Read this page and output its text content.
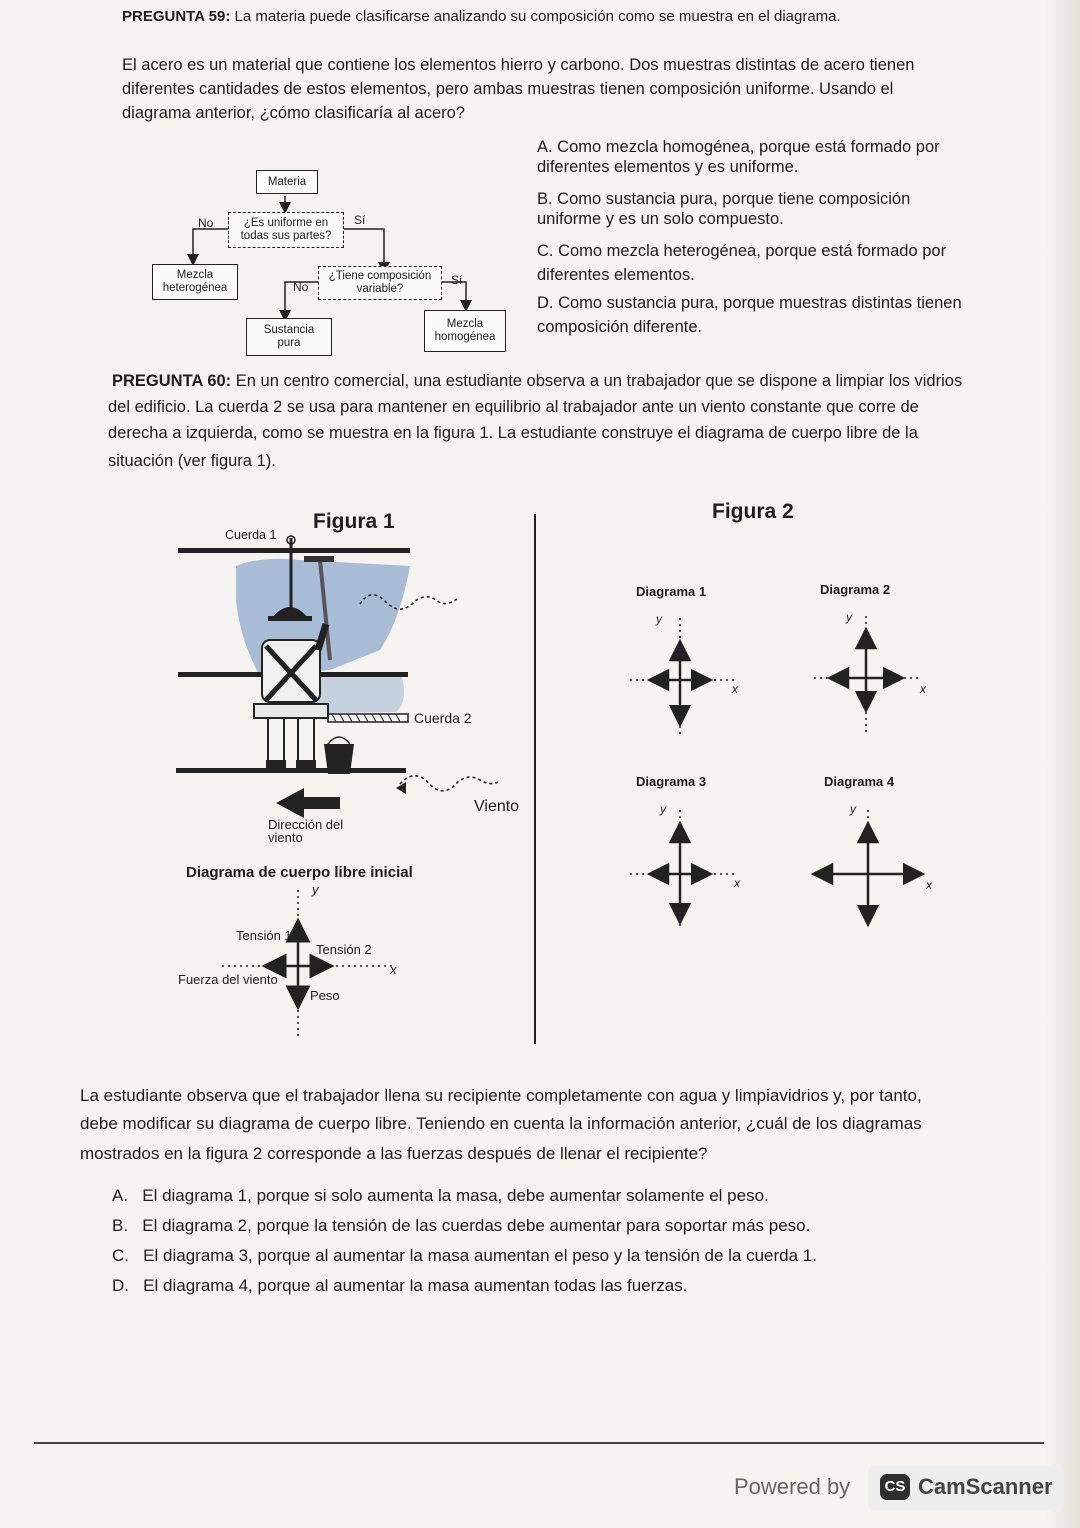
PREGUNTA 59: La materia puede clasificarse analizando su composición como se muestra en el diagrama.
El acero es un material que contiene los elementos hierro y carbono. Dos muestras distintas de acero tienen
diferentes cantidades de estos elementos, pero ambas muestras tienen composición uniforme. Usando el
diagrama anterior, ¿cómo clasificaría al acero?
A. Como mezcla homogénea, porque está formado por
diferentes elementos y es uniforme.
B. Como sustancia pura, porque tiene composición
uniforme y es un solo compuesto.
C. Como mezcla heterogénea, porque está formado por
diferentes elementos.
D. Como sustancia pura, porque muestras distintas tienen
composición diferente.
Materia
¿Es uniforme en
todas sus partes?
No	Sí
Mezcla
heterogénea
¿Tiene composición
variable?
No	Sí
Sustancia
pura
Mezcla
homogénea
PREGUNTA 60: En un centro comercial, una estudiante observa a un trabajador que se dispone a limpiar los vidrios
del edificio. La cuerda 2 se usa para mantener en equilibrio al trabajador ante un viento constante que corre de
derecha a izquierda, como se muestra en la figura 1. La estudiante construye el diagrama de cuerpo libre de la
situación (ver figura 1).
Figura 1
Cuerda 1
Cuerda 2
Viento
Dirección del
viento
Diagrama de cuerpo libre inicial
y
x
Tensión 1
Tensión 2
Fuerza del viento
Peso
Figura 2
Diagrama 1	Diagrama 2
Diagrama 3	Diagrama 4
y
x
y
x
y
x
y
x
La estudiante observa que el trabajador llena su recipiente completamente con agua y limpiavidrios y, por tanto,
debe modificar su diagrama de cuerpo libre. Teniendo en cuenta la información anterior, ¿cuál de los diagramas
mostrados en la figura 2 corresponde a las fuerzas después de llenar el recipiente?
A. El diagrama 1, porque si solo aumenta la masa, debe aumentar solamente el peso.
B. El diagrama 2, porque la tensión de las cuerdas debe aumentar para soportar más peso.
C. El diagrama 3, porque al aumentar la masa aumentan el peso y la tensión de la cuerda 1.
D. El diagrama 4, porque al aumentar la masa aumentan todas las fuerzas.
Powered by	CS CamScanner
